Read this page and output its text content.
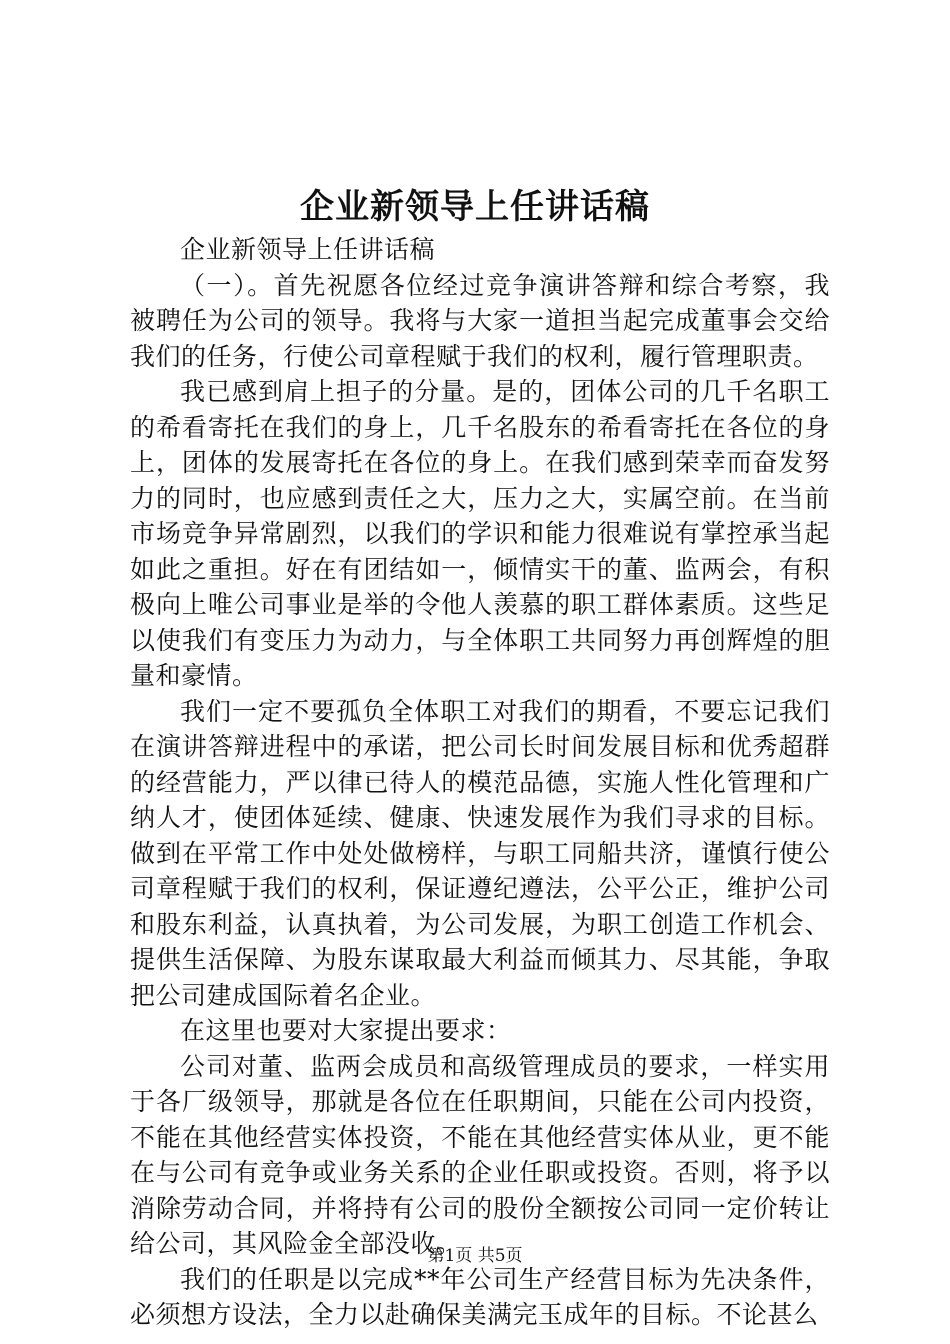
企业新领导上任讲话稿

企业新领导上任讲话稿

（一）。首先祝愿各位经过竞争演讲答辩和综合考察，我被聘任为公司的领导。我将与大家一道担当起完成董事会交给我们的任务，行使公司章程赋于我们的权利，履行管理职责。

我已感到肩上担子的分量。是的，团体公司的几千名职工的希看寄托在我们的身上，几千名股东的希看寄托在各位的身上，团体的发展寄托在各位的身上。在我们感到荣幸而奋发努力的同时，也应感到责任之大，压力之大，实属空前。在当前市场竞争异常剧烈，以我们的学识和能力很难说有掌控承当起如此之重担。好在有团结如一，倾情实干的董、监两会，有积极向上唯公司事业是举的令他人羡慕的职工群体素质。这些足以使我们有变压力为动力，与全体职工共同努力再创辉煌的胆量和豪情。

我们一定不要孤负全体职工对我们的期看，不要忘记我们在演讲答辩进程中的承诺，把公司长时间发展目标和优秀超群的经营能力，严以律已待人的模范品德，实施人性化管理和广纳人才，使团体延续、健康、快速发展作为我们寻求的目标。做到在平常工作中处处做榜样，与职工同船共济，谨慎行使公司章程赋于我们的权利，保证遵纪遵法，公平公正，维护公司和股东利益，认真执着，为公司发展，为职工创造工作机会、提供生活保障、为股东谋取最大利益而倾其力、尽其能，争取把公司建成国际着名企业。

在这里也要对大家提出要求：

公司对董、监两会成员和高级管理成员的要求，一样实用于各厂级领导，那就是各位在任职期间，只能在公司内投资，不能在其他经营实体投资，不能在其他经营实体从业，更不能在与公司有竞争或业务关系的企业任职或投资。否则，将予以消除劳动合同，并将持有公司的股份全额按公司同一定价转让给公司，其风险金全部没收。

我们的任职是以完成**年公司生产经营目标为先决条件，必须想方设法，全力以赴确保美满完玉成年的目标。不论甚么

第1页 共5页
